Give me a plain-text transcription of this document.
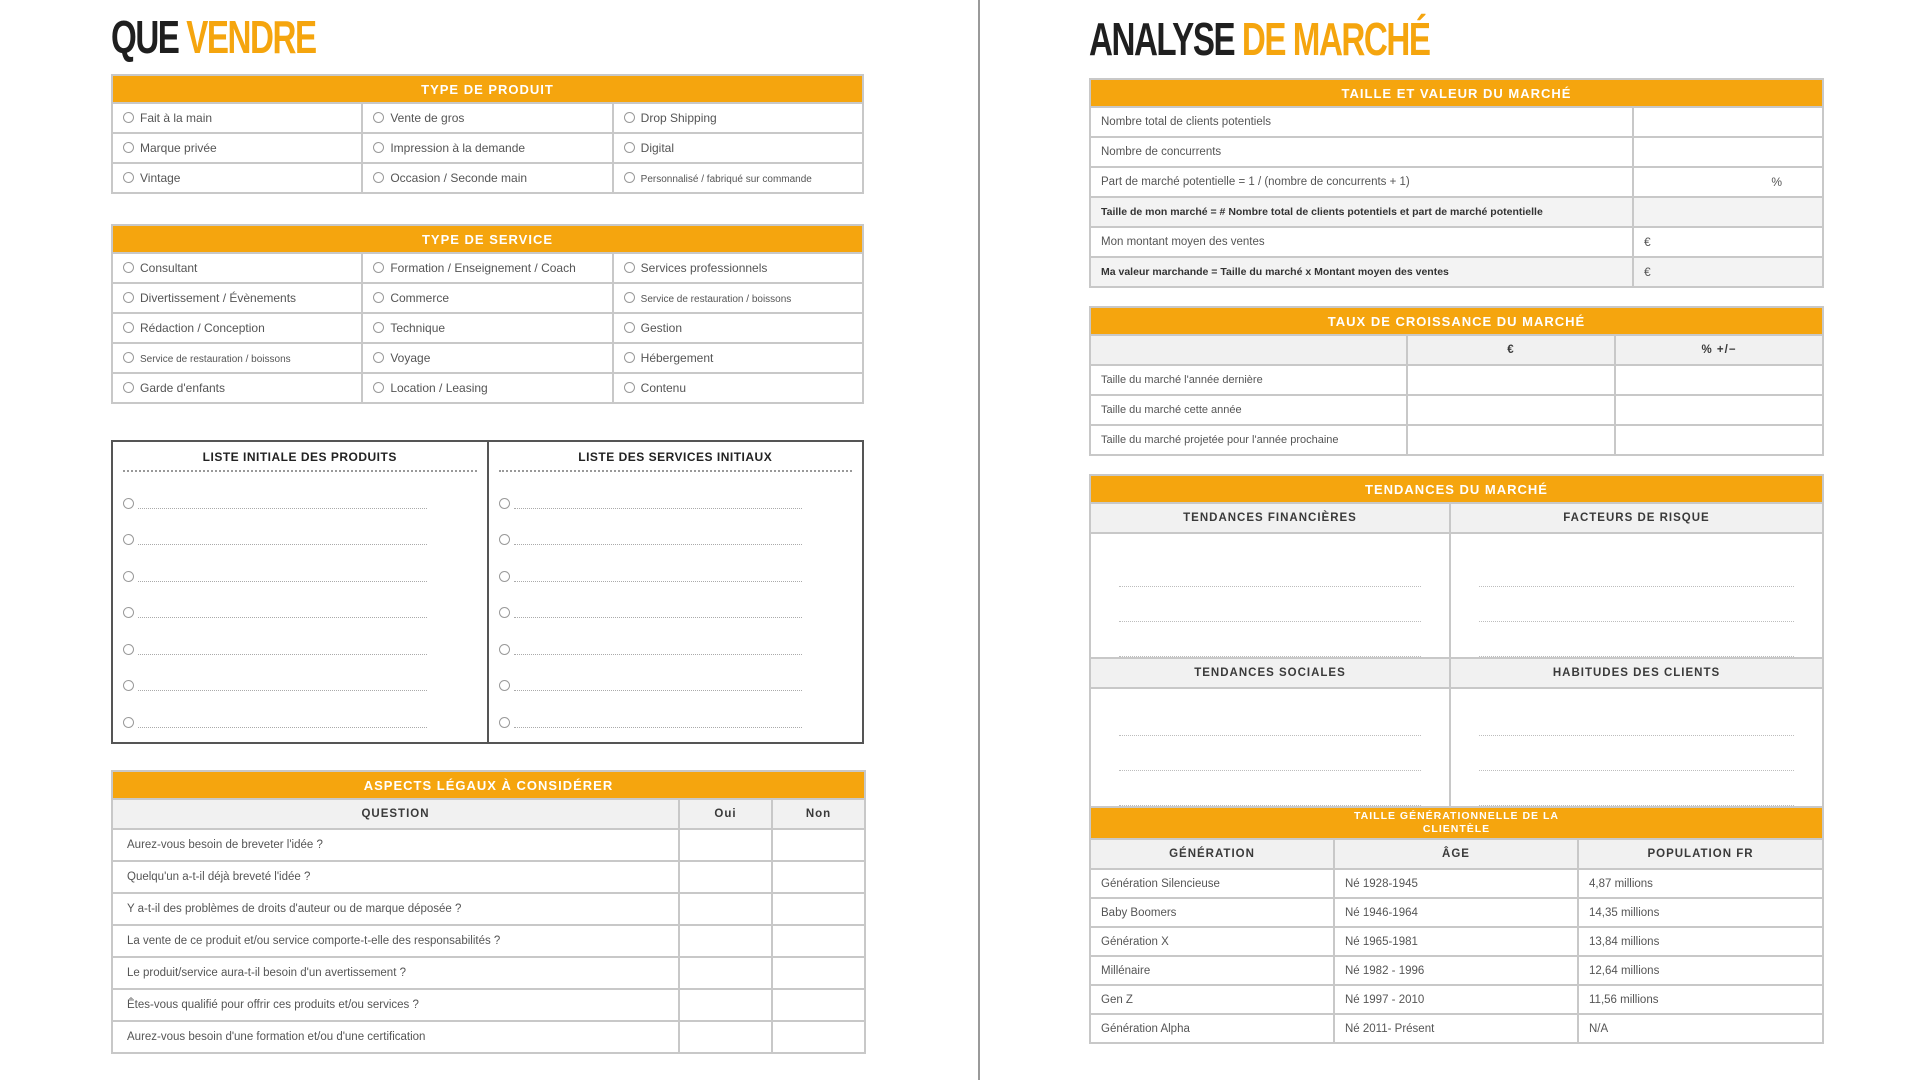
QUE VENDRE
TYPE DE PRODUIT		
Fait à la main	Vente de gros	Drop Shipping
Marque privée	Impression à la demande	Digital
Vintage	Occasion / Seconde main	Personnalisé / fabriqué sur commande
TYPE DE SERVICE		
Consultant	Formation / Enseignement / Coach	Services professionnels
Divertissement / Évènements	Commerce	Service de restauration / boissons
Rédaction / Conception	Technique	Gestion
Service de restauration / boissons	Voyage	Hébergement
Garde d'enfants	Location / Leasing	Contenu
LISTE INITIALE DES PRODUITS	LISTE DES SERVICES INITIAUX
ASPECTS LÉGAUX À CONSIDÉRER		
QUESTION	Oui	Non
Aurez-vous besoin de breveter l'idée ?		
Quelqu'un a-t-il déjà breveté l'idée ?		
Y a-t-il des problèmes de droits d'auteur ou de marque déposée ?		
La vente de ce produit et/ou service comporte-t-elle des responsabilités ?		
Le produit/service aura-t-il besoin d'un avertissement ?		
Êtes-vous qualifié pour offrir ces produits et/ou services ?		
Aurez-vous besoin d'une formation et/ou d'une certification		
ANALYSE DE MARCHÉ
TAILLE ET VALEUR DU MARCHÉ	
Nombre total de clients potentiels	
Nombre de concurrents	
Part de marché potentielle = 1 / (nombre de concurrents + 1)	%
Taille de mon marché = # Nombre total de clients potentiels et part de marché potentielle	
Mon montant moyen des ventes	€
Ma valeur marchande = Taille du marché x Montant moyen des ventes	€
TAUX DE CROISSANCE DU MARCHÉ		
	€	% +/−
Taille du marché l'année dernière		
Taille du marché cette année		
Taille du marché projetée pour l'année prochaine		
TENDANCES DU MARCHÉ	
TENDANCES FINANCIÈRES	FACTEURS DE RISQUE

TENDANCES SOCIALES	HABITUDES DES CLIENTS

TAILLE GÉNÉRATIONNELLE DE LA
CLIENTÈLE		
GÉNÉRATION	ÂGE	POPULATION FR
Génération Silencieuse	Né 1928-1945	4,87 millions
Baby Boomers	Né 1946-1964	14,35 millions
Génération X	Né 1965-1981	13,84 millions
Millénaire	Né 1982 - 1996	12,64 millions
Gen Z	Né 1997 - 2010	11,56 millions
Génération Alpha	Né 2011- Présent	N/A
